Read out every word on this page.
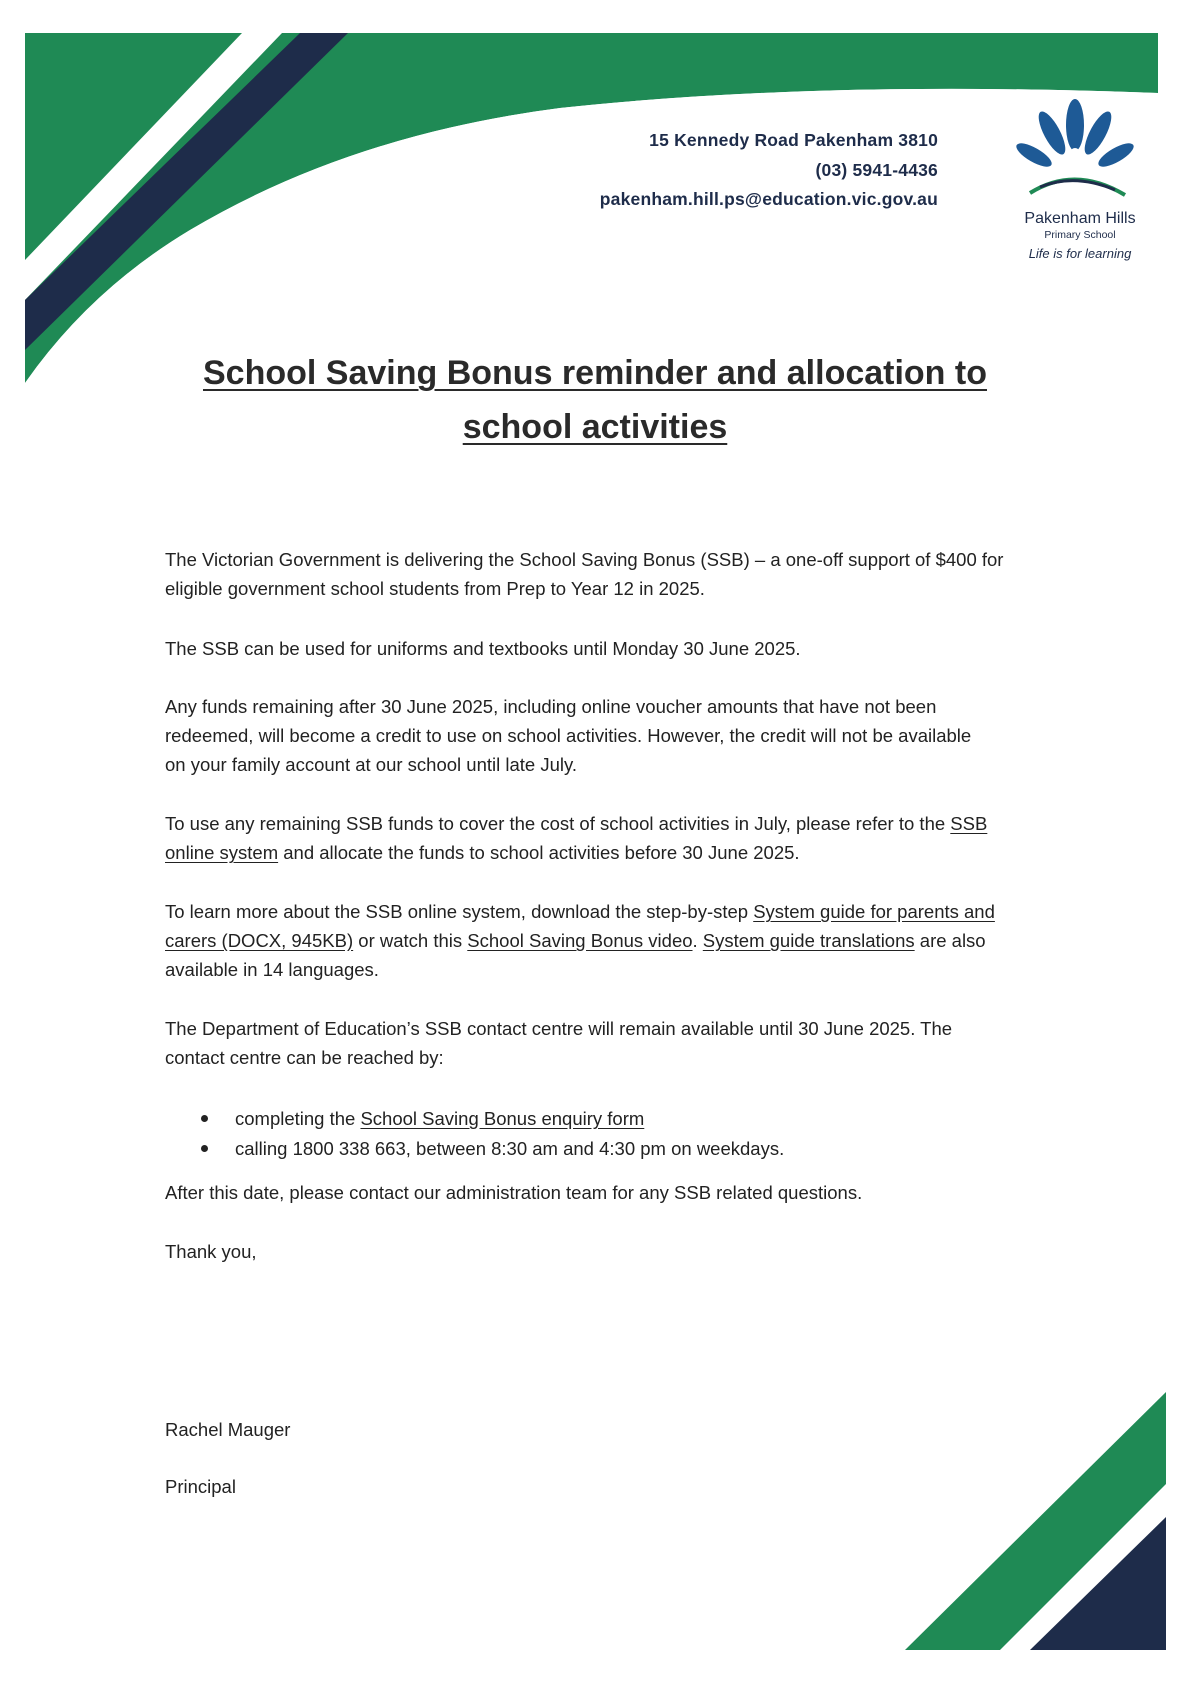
15 Kennedy Road Pakenham 3810
(03) 5941-4436
pakenham.hill.ps@education.vic.gov.au
Pakenham Hills
Primary School
Life is for learning
School Saving Bonus reminder and allocation to
school activities
The Victorian Government is delivering the School Saving Bonus (SSB) – a one-off support of $400 for
eligible government school students from Prep to Year 12 in 2025.
The SSB can be used for uniforms and textbooks until Monday 30 June 2025.
Any funds remaining after 30 June 2025, including online voucher amounts that have not been
redeemed, will become a credit to use on school activities. However, the credit will not be available
on your family account at our school until late July.
To use any remaining SSB funds to cover the cost of school activities in July, please refer to the SSB
online system and allocate the funds to school activities before 30 June 2025.
To learn more about the SSB online system, download the step-by-step System guide for parents and
carers (DOCX, 945KB) or watch this School Saving Bonus video. System guide translations are also
available in 14 languages.
The Department of Education’s SSB contact centre will remain available until 30 June 2025. The
contact centre can be reached by:
completing the School Saving Bonus enquiry form
calling 1800 338 663, between 8:30 am and 4:30 pm on weekdays.
After this date, please contact our administration team for any SSB related questions.
Thank you,
Rachel Mauger
Principal
